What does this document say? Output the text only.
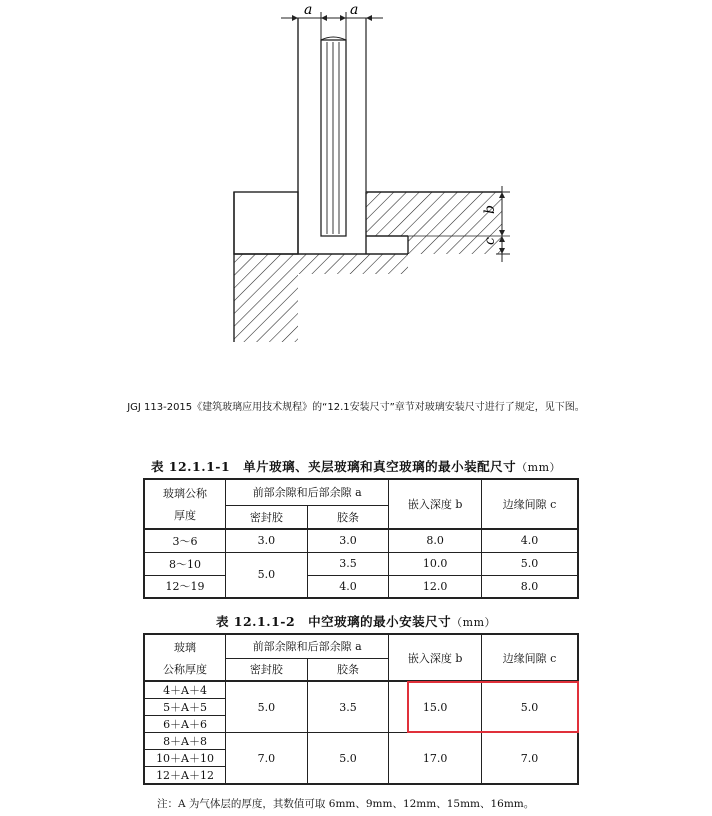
a	a
b
c
JGJ 113-2015《建筑玻璃应用技术规程》的“12.1安装尺寸”章节对玻璃安装尺寸进行了规定，见下图。
表 12.1.1-1　单片玻璃、夹层玻璃和真空玻璃的最小装配尺寸（mm）
玻璃公称
厚度	前部余隙和后部余隙 a		嵌入深度 b	边缘间隙 c
	密封胶	胶条		
3～6	3.0	3.0	8.0	4.0
8～10	5.0	3.5	10.0	5.0
12～19		4.0	12.0	8.0
表 12.1.1-2　中空玻璃的最小安装尺寸（mm）
玻璃
公称厚度	前部余隙和后部余隙 a		嵌入深度 b	边缘间隙 c
	密封胶	胶条		
4＋A＋4	5.0	3.5	15.0	5.0
5＋A＋5				
6＋A＋6				
8＋A＋8	7.0	5.0	17.0	7.0
10＋A＋10				
12＋A＋12				
注：A 为气体层的厚度，其数值可取 6mm、9mm、12mm、15mm、16mm。
